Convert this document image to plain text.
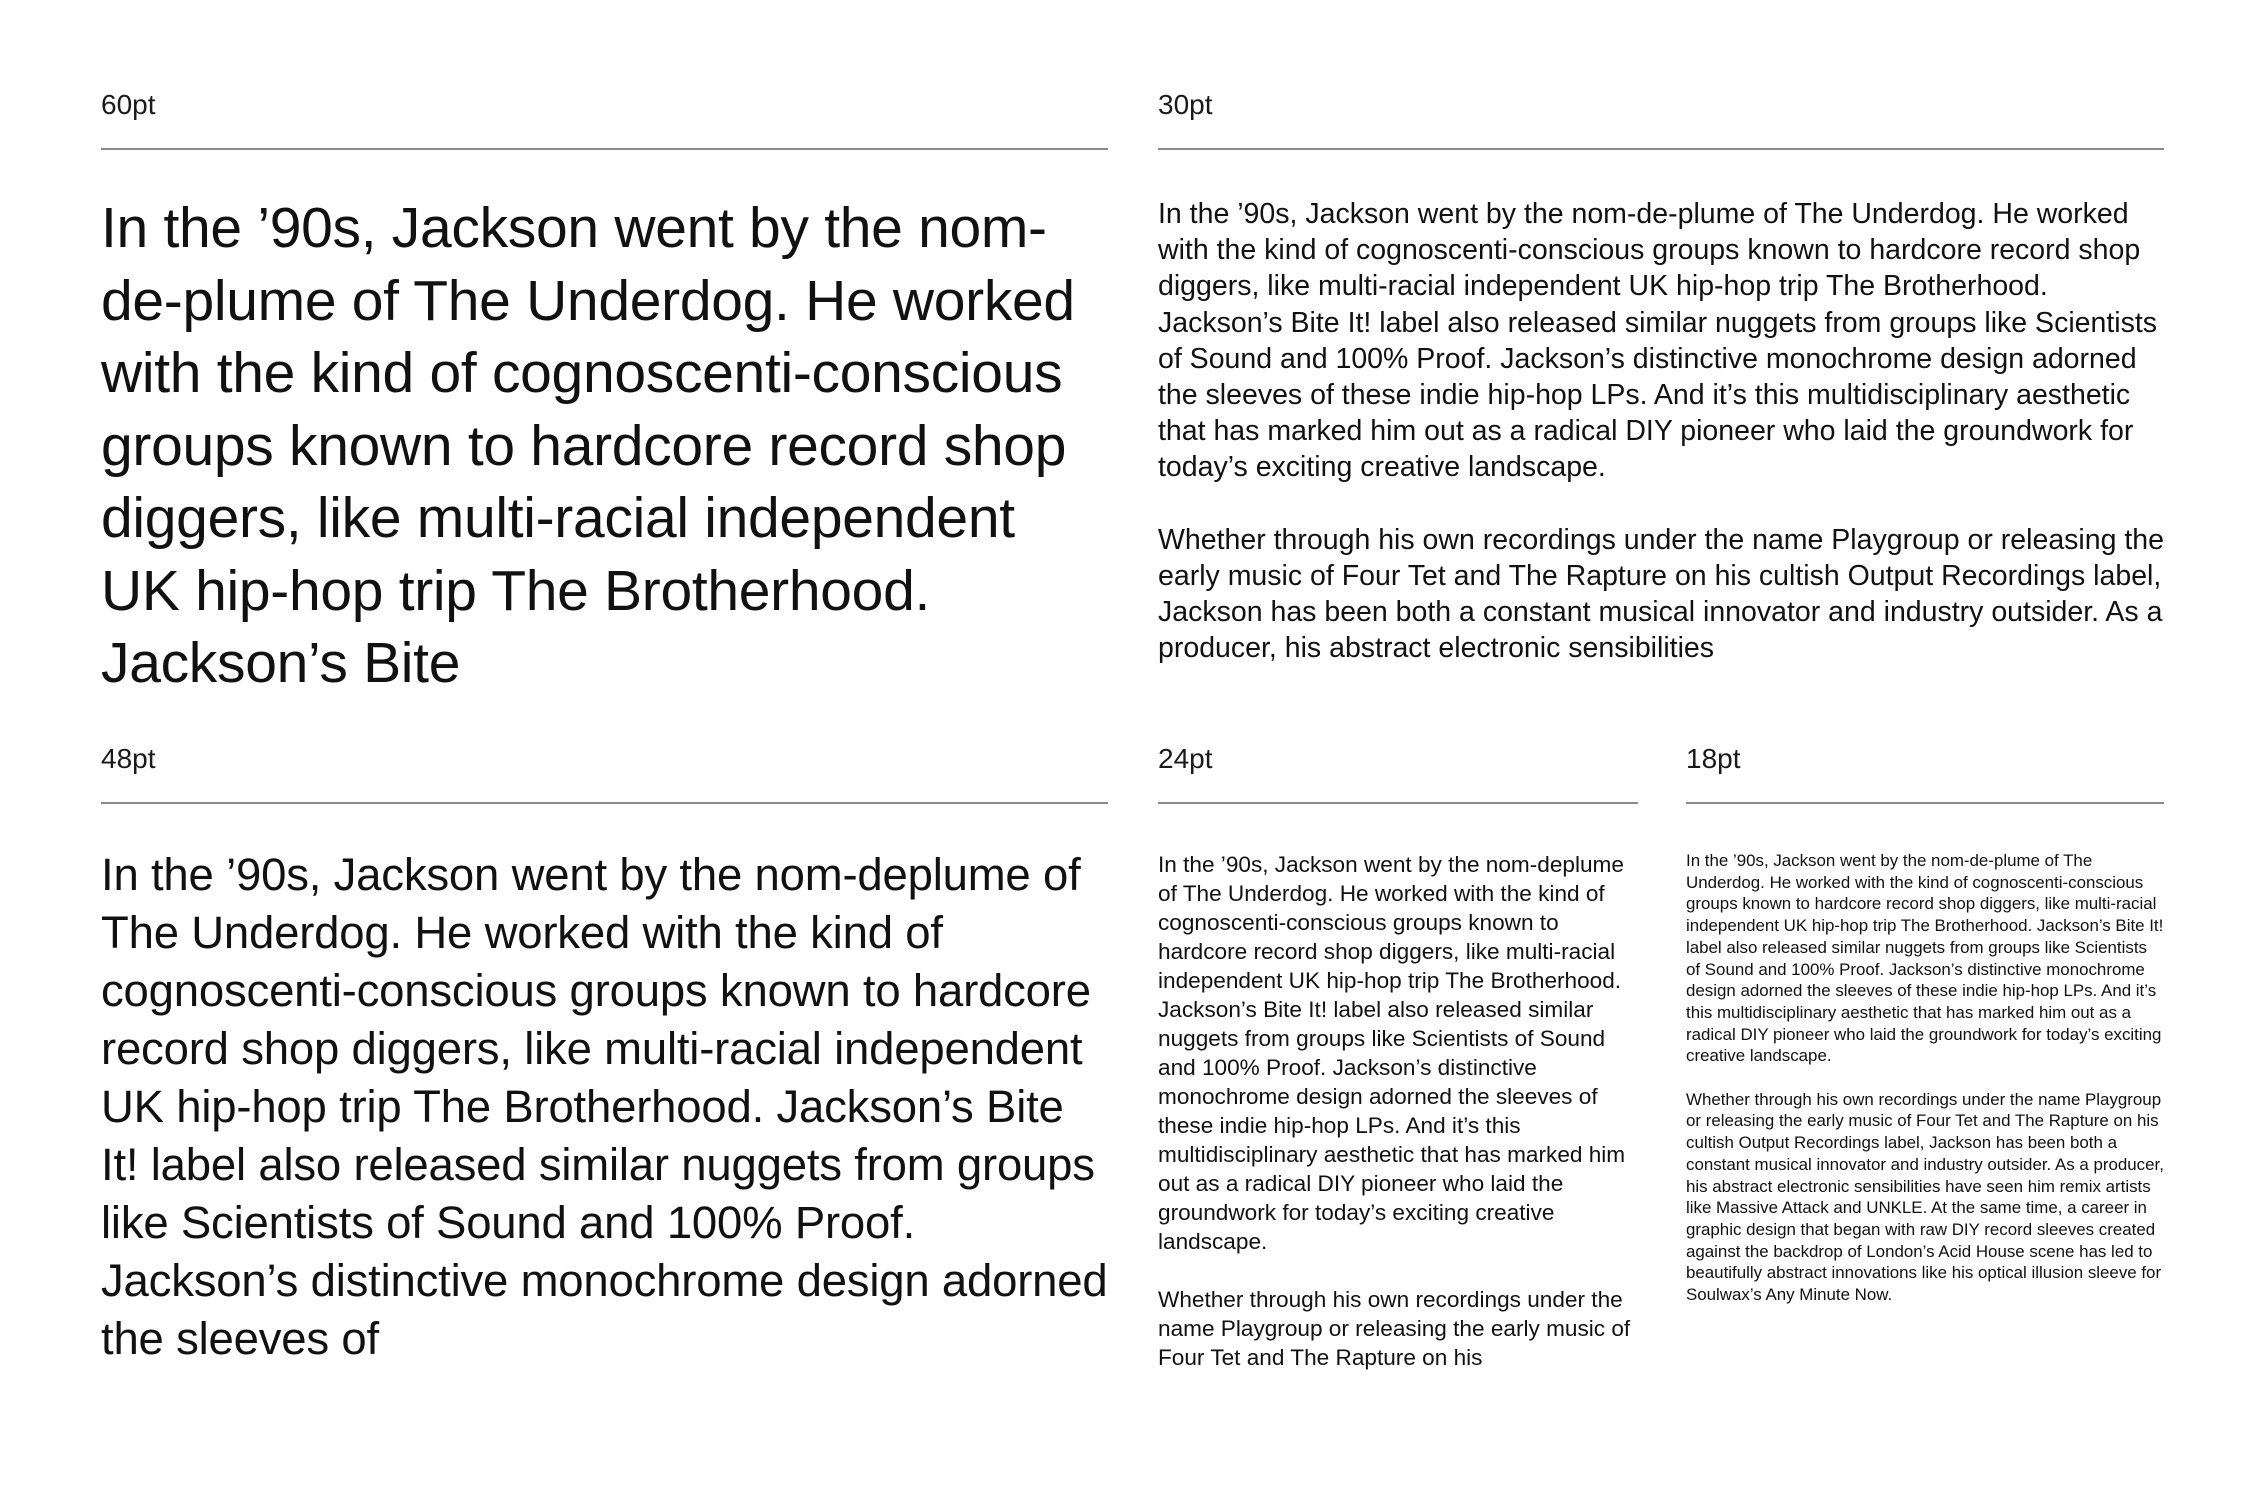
60pt

In the ’90s, Jackson went by the nom-de-plume of The Underdog. He worked with the kind of cognoscenti-conscious groups known to hardcore record shop diggers, like multi-racial independent UK hip-hop trip The Brotherhood. Jackson’s Bite

30pt

In the ’90s, Jackson went by the nom-de-plume of The Underdog. He worked with the kind of cognoscenti-conscious groups known to hardcore record shop diggers, like multi-racial independent UK hip-hop trip The Brotherhood. Jackson’s Bite It! label also released similar nuggets from groups like Scientists of Sound and 100% Proof. Jackson’s distinctive monochrome design adorned the sleeves of these indie hip-hop LPs. And it’s this multidisciplinary aesthetic that has marked him out as a radical DIY pioneer who laid the groundwork for today’s exciting creative landscape.

Whether through his own recordings under the name Playgroup or releasing the early music of Four Tet and The Rapture on his cultish Output Recordings label, Jackson has been both a constant musical innovator and industry outsider. As a producer, his abstract electronic sensibilities

48pt

In the ’90s, Jackson went by the nom-deplume of The Underdog. He worked with the kind of cognoscenti-conscious groups known to hardcore record shop diggers, like multi-racial independent UK hip-hop trip The Brotherhood. Jackson’s Bite It! label also released similar nuggets from groups like Scientists of Sound and 100% Proof. Jackson’s distinctive monochrome design adorned the sleeves of

24pt

In the ’90s, Jackson went by the nom-deplume of The Underdog. He worked with the kind of cognoscenti-conscious groups known to hardcore record shop diggers, like multi-racial independent UK hip-hop trip The Brotherhood. Jackson’s Bite It! label also released similar nuggets from groups like Scientists of Sound and 100% Proof. Jackson’s distinctive monochrome design adorned the sleeves of these indie hip-hop LPs. And it’s this multidisciplinary aesthetic that has marked him out as a radical DIY pioneer who laid the groundwork for today’s exciting creative landscape.

Whether through his own recordings under the name Playgroup or releasing the early music of Four Tet and The Rapture on his

18pt

In the ’90s, Jackson went by the nom-de-plume of The Underdog. He worked with the kind of cognoscenti-conscious groups known to hardcore record shop diggers, like multi-racial independent UK hip-hop trip The Brotherhood. Jackson’s Bite It! label also released similar nuggets from groups like Scientists of Sound and 100% Proof. Jackson’s distinctive monochrome design adorned the sleeves of these indie hip-hop LPs. And it’s this multidisciplinary aesthetic that has marked him out as a radical DIY pioneer who laid the groundwork for today’s exciting creative landscape.

Whether through his own recordings under the name Playgroup or releasing the early music of Four Tet and The Rapture on his cultish Output Recordings label, Jackson has been both a constant musical innovator and industry outsider. As a producer, his abstract electronic sensibilities have seen him remix artists like Massive Attack and UNKLE. At the same time, a career in graphic design that began with raw DIY record sleeves created against the backdrop of London’s Acid House scene has led to beautifully abstract innovations like his optical illusion sleeve for Soulwax’s Any Minute Now.
